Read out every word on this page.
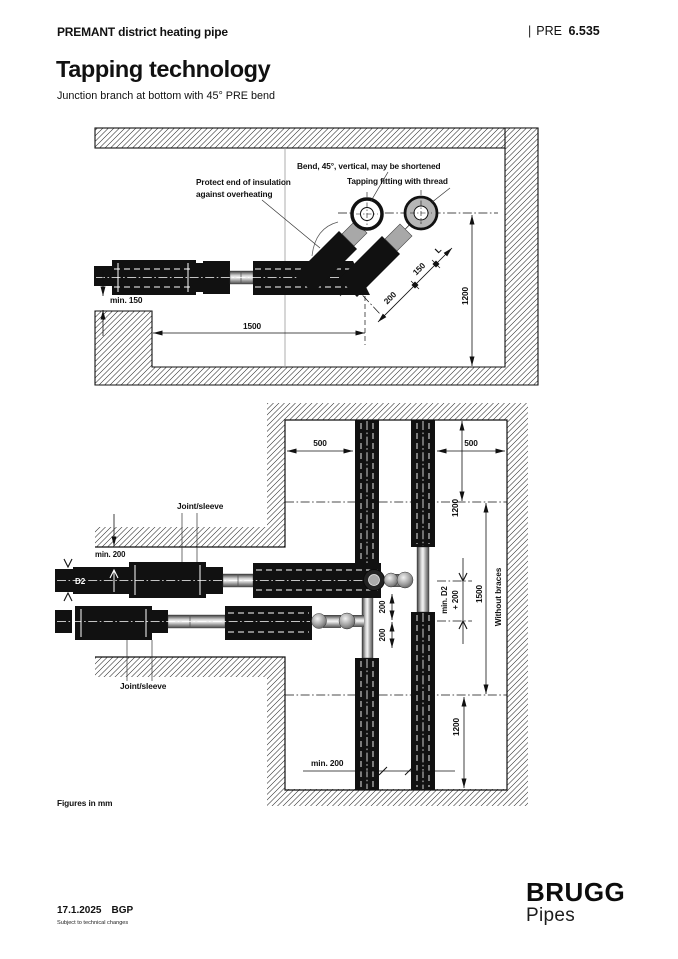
PREMANT district heating pipe	| PRE 6.535
Tapping technology
Junction branch at bottom with 45° PRE bend
min. 150
1500
1200
200
150
L
Protect end of insulation
against overheating
Bend, 45°, vertical, may be shortened
Tapping fitting with thread
500	500
1200
min. D2 + 200 1500 Without braces
200
200
1200
min. 200
min. 200
D2
Joint/sleeve
Joint/sleeve
Figures in mm
17.1.2025 BGP
Subject to technical changes
BRUGG
Pipes
